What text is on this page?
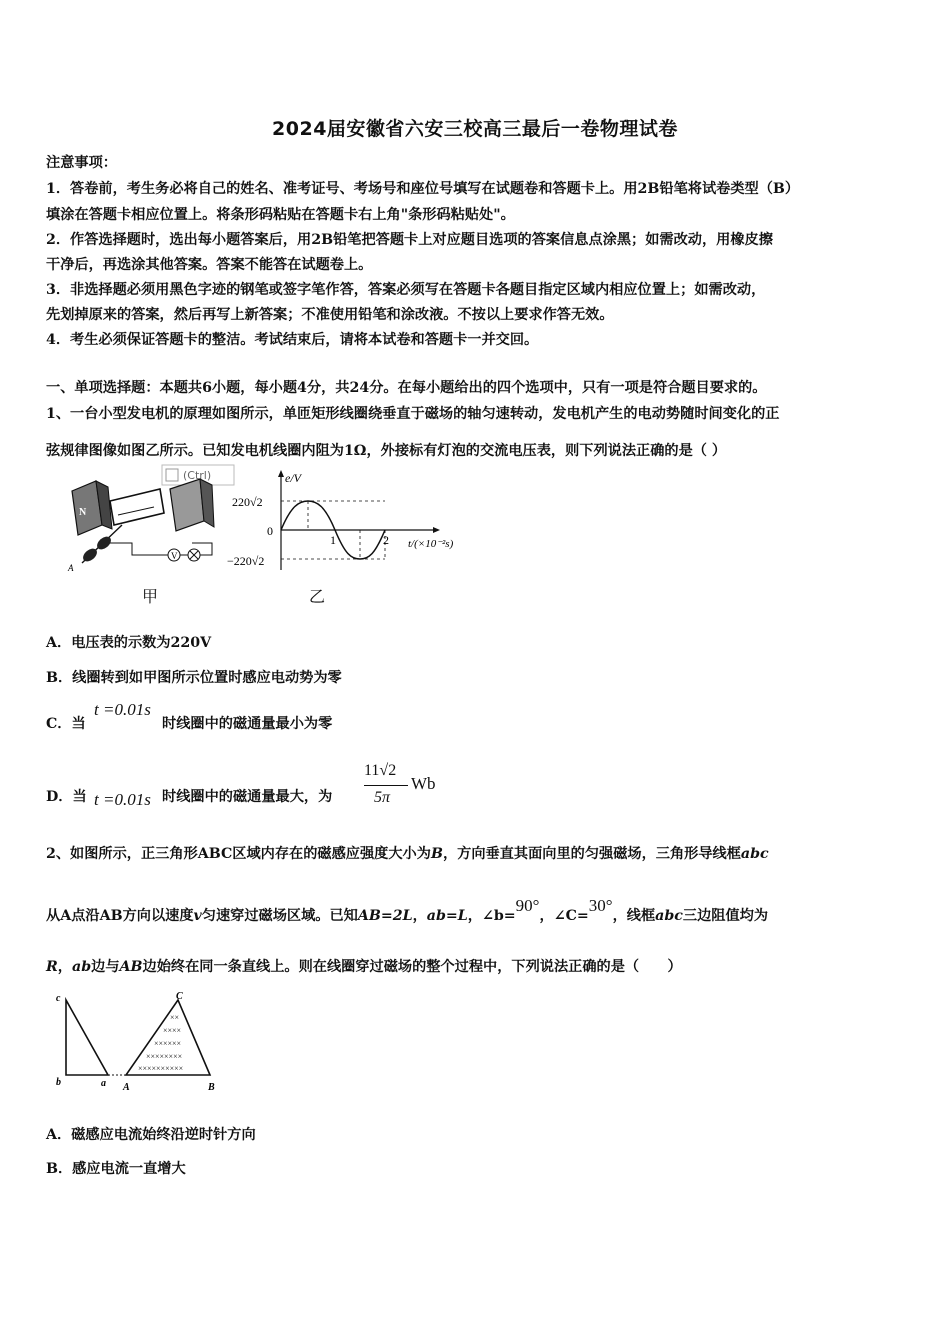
2024届安徽省六安三校高三最后一卷物理试卷
注意事项：
1．答卷前，考生务必将自己的姓名、准考证号、考场号和座位号填写在试题卷和答题卡上。用2B铅笔将试卷类型（B）
填涂在答题卡相应位置上。将条形码粘贴在答题卡右上角"条形码粘贴处"。
2．作答选择题时，选出每小题答案后，用2B铅笔把答题卡上对应题目选项的答案信息点涂黑；如需改动，用橡皮擦
干净后，再选涂其他答案。答案不能答在试题卷上。
3．非选择题必须用黑色字迹的钢笔或签字笔作答，答案必须写在答题卡各题目指定区域内相应位置上；如需改动，
先划掉原来的答案，然后再写上新答案；不准使用铅笔和涂改液。不按以上要求作答无效。
4．考生必须保证答题卡的整洁。考试结束后，请将本试卷和答题卡一并交回。
一、单项选择题：本题共6小题，每小题4分，共24分。在每小题给出的四个选项中，只有一项是符合题目要求的。
1、一台小型发电机的原理如图所示，单匝矩形线圈绕垂直于磁场的轴匀速转动，发电机产生的电动势随时间变化的正
弦规律图像如图乙所示。已知发电机线圈内阻为1Ω，外接标有灯泡的交流电压表，则下列说法正确的是（ ）
(Ctrl)
N
V
A
甲
e/V
220√2
0
−220√2
1	2 t/(×10⁻²s)
乙
A．电压表的示数为220V
B．线圈转到如甲图所示位置时感应电动势为零
C．当
t =0.01s
时线圈中的磁通量最小为零
D．当 t =0.01s 时线圈中的磁通量最大，为
11√2
5π
Wb
2、如图所示，正三角形ABC区域内存在的磁感应强度大小为B，方向垂直其面向里的匀强磁场，三角形导线框abc
从A点沿AB方向以速度v匀速穿过磁场区域。已知AB=2L，ab=L，∠b=90°，∠C=30°，线框abc三边阻值均为
R，ab边与AB边始终在同一条直线上。则在线圈穿过磁场的整个过程中，下列说法正确的是（　　）
××
××××
××××××
××××××××
××××××××××
c
b	a A	B
C
A．磁感应电流始终沿逆时针方向
B．感应电流一直增大
